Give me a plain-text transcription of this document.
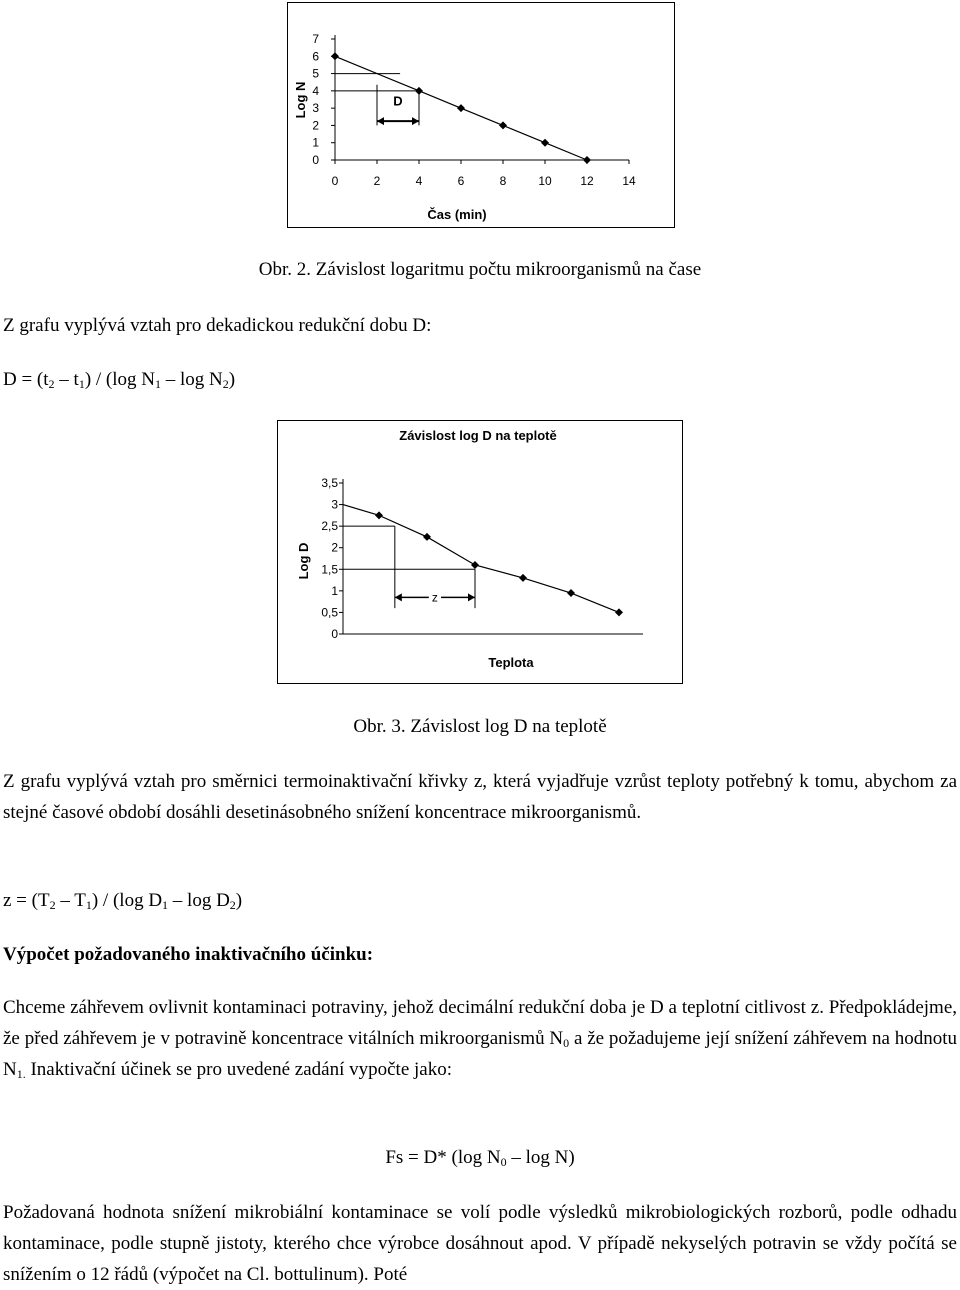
0
1
2
3
4
5
6
7
0	2	4	6	8	10 12 14
Čas (min)
Log N	D
Obr. 2. Závislost logaritmu počtu mikroorganismů na čase
Z grafu vyplývá vztah pro dekadickou redukční dobu D:
$D = (t_2 - t_1) / (\log$ $N_1$ – $\log N_2$)
Závislost log D na teplotě
0
0,5
1
1,5
2
2,5
3
3,5
Teplota
Log D
z
Obr. 3. Závislost log D na teplotě

Z grafu vyplývá vztah pro směrnici termoinaktivační křivky z, která vyjadřuje vzrůst teploty potřebný k tomu, abychom za stejné časové období dosáhli desetinásobného snížení koncentrace mikroorganismů.

$z = (T_2 - T_1) / (\log$ $D_1$ – $\log D_2$)
Výpočet požadovaného inaktivačního účinku:

Chceme záhřevem ovlivnit kontaminaci potraviny, jehož decimální redukční doba je D a teplotní citlivost z. Předpokládejme, že před záhřevem je v potravině koncentrace vitálních mikroorganismů $N_0$ a že požadujeme její snížení záhřevem na hodnotu $N_{1.}$ Inaktivační účinek se pro uvedené zadání vypočte jako:

Fs = D* (log $N_0$ – log N)

Požadovaná hodnota snížení mikrobiální kontaminace se volí podle výsledků mikrobiologických rozborů, podle odhadu kontaminace, podle stupně jistoty, kterého chce výrobce dosáhnout apod. V případě nekyselých potravin se vždy počítá se snížením o 12 řádů (výpočet na Cl. bottulinum). Poté
